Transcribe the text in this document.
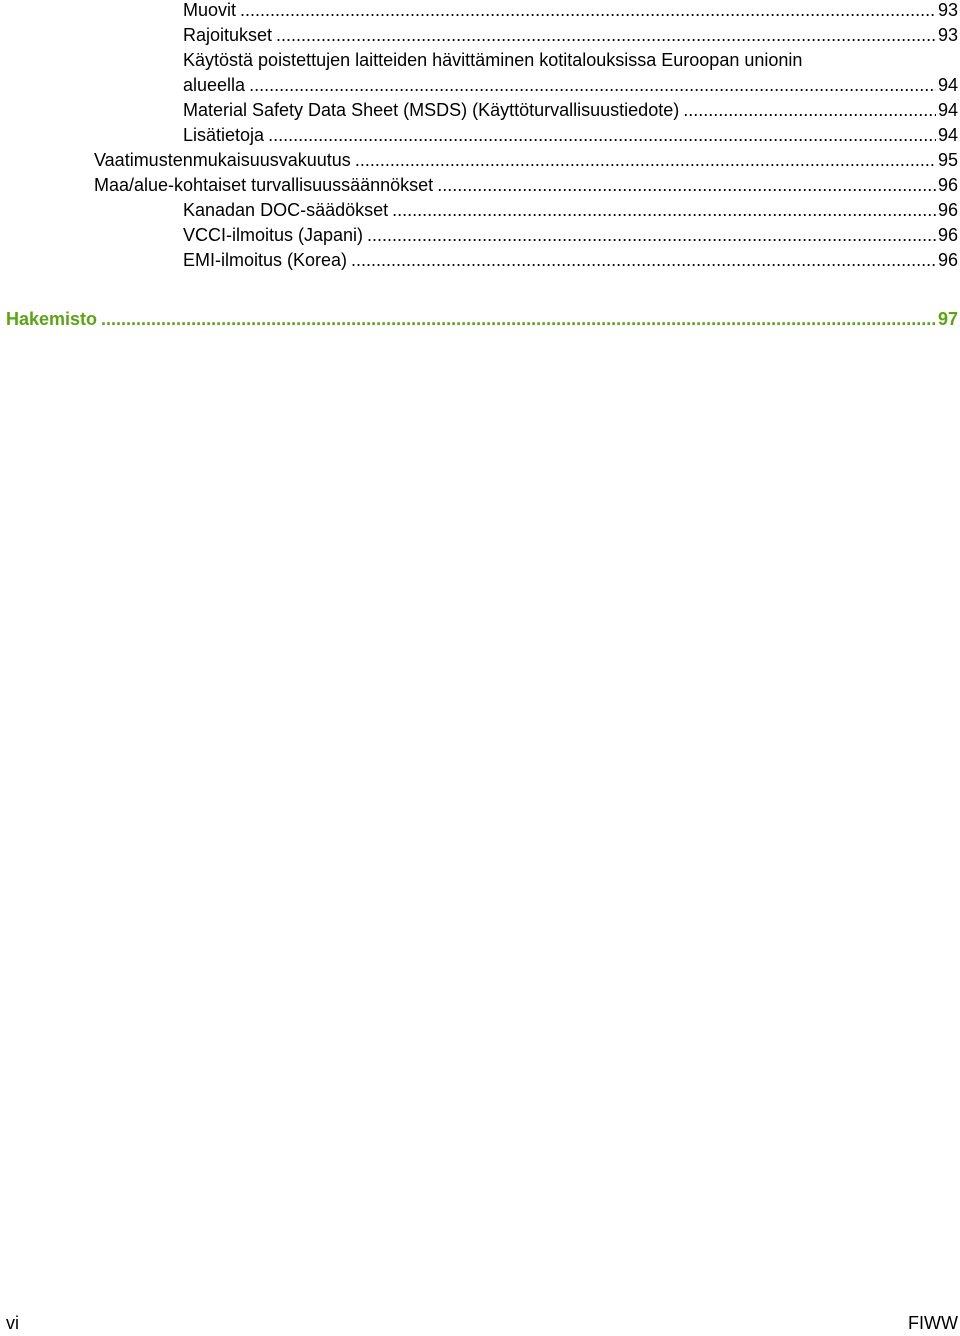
Muovit .....	93
Rajoitukset .....	93
Käytöstä poistettujen laitteiden hävittäminen kotitalouksissa Euroopan unionin
alueella .....	94
Material Safety Data Sheet (MSDS) (Käyttöturvallisuustiedote) .....	94
Lisätietoja .....	94
Vaatimustenmukaisuusvakuutus .....	95
Maa/alue-kohtaiset turvallisuussäännökset .....	96
Kanadan DOC-säädökset .....	96
VCCI-ilmoitus (Japani) .....	96
EMI-ilmoitus (Korea) .....	96
Hakemisto .....	97
vi	FIWW
